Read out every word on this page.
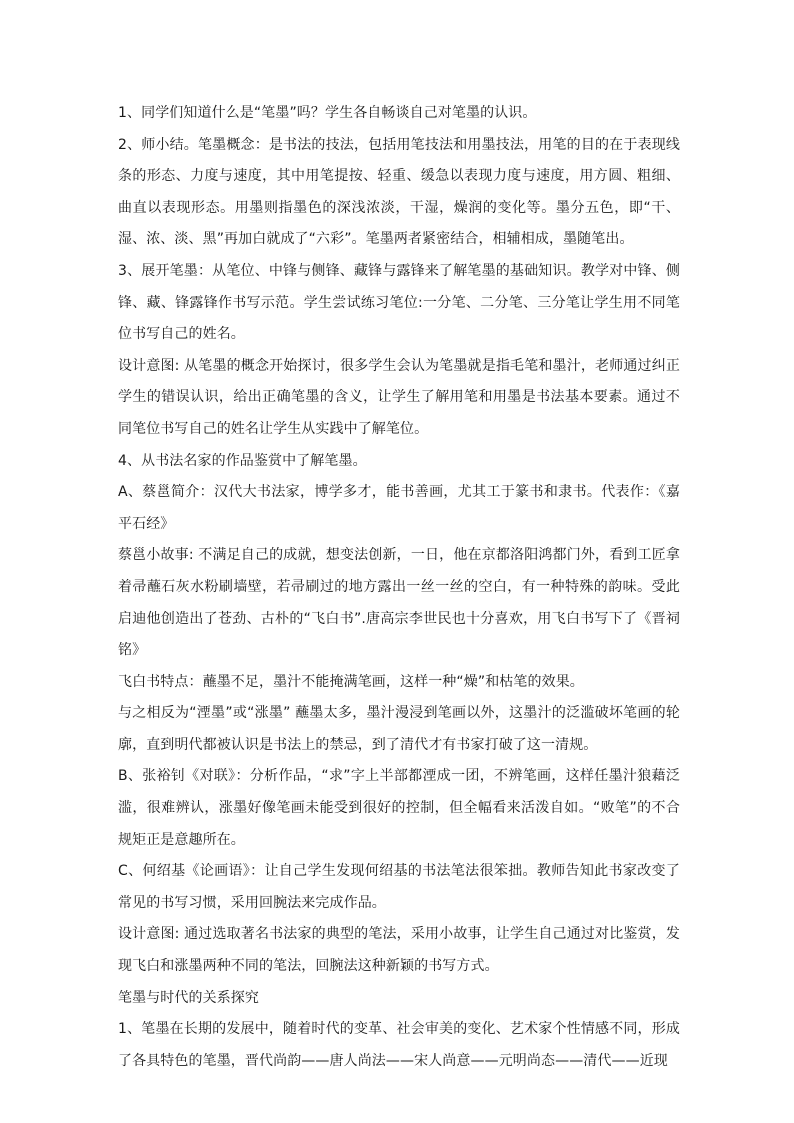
1、同学们知道什么是“笔墨”吗？学生各自畅谈自己对笔墨的认识。

2、师小结。笔墨概念：是书法的技法，包括用笔技法和用墨技法，用笔的目的在于表现线条的形态、力度与速度，其中用笔提按、轻重、缓急以表现力度与速度，用方圆、粗细、曲直以表现形态。用墨则指墨色的深浅浓淡，干湿，燥润的变化等。墨分五色，即“干、湿、浓、淡、黑”再加白就成了“六彩”。笔墨两者紧密结合，相辅相成，墨随笔出。

3、展开笔墨：从笔位、中锋与侧锋、藏锋与露锋来了解笔墨的基础知识。教学对中锋、侧锋、藏、锋露锋作书写示范。学生尝试练习笔位:一分笔、二分笔、三分笔让学生用不同笔位书写自己的姓名。

设计意图: 从笔墨的概念开始探讨，很多学生会认为笔墨就是指毛笔和墨汁，老师通过纠正学生的错误认识，给出正确笔墨的含义，让学生了解用笔和用墨是书法基本要素。通过不同笔位书写自己的姓名让学生从实践中了解笔位。

4、从书法名家的作品鉴赏中了解笔墨。

A、蔡邕简介：汉代大书法家，博学多才，能书善画，尤其工于篆书和隶书。代表作：《嘉平石经》

蔡邕小故事: 不满足自己的成就，想变法创新，一日，他在京都洛阳鸿都门外，看到工匠拿着帚蘸石灰水粉刷墙壁，若帚刷过的地方露出一丝一丝的空白，有一种特殊的韵味。受此启迪他创造出了苍劲、古朴的“飞白书”.唐高宗李世民也十分喜欢，用飞白书写下了《晋祠铭》

飞白书特点：蘸墨不足，墨汁不能掩满笔画，这样一种“燥”和枯笔的效果。

与之相反为“湮墨”或“涨墨” 蘸墨太多，墨汁漫浸到笔画以外，这墨汁的泛滥破坏笔画的轮廓，直到明代都被认识是书法上的禁忌，到了清代才有书家打破了这一清规。

B、张裕钊《对联》：分析作品，“求”字上半部都湮成一团，不辨笔画，这样任墨汁狼藉泛滥，很难辨认，涨墨好像笔画未能受到很好的控制，但全幅看来活泼自如。“败笔”的不合规矩正是意趣所在。

C、何绍基《论画语》：让自己学生发现何绍基的书法笔法很笨拙。教师告知此书家改变了常见的书写习惯，采用回腕法来完成作品。

设计意图: 通过选取著名书法家的典型的笔法，采用小故事，让学生自己通过对比鉴赏，发现飞白和涨墨两种不同的笔法，回腕法这种新颖的书写方式。

笔墨与时代的关系探究

1、笔墨在长期的发展中，随着时代的变革、社会审美的变化、艺术家个性情感不同，形成了各具特色的笔墨，晋代尚韵——唐人尚法——宋人尚意——元明尚态——清代——近现
